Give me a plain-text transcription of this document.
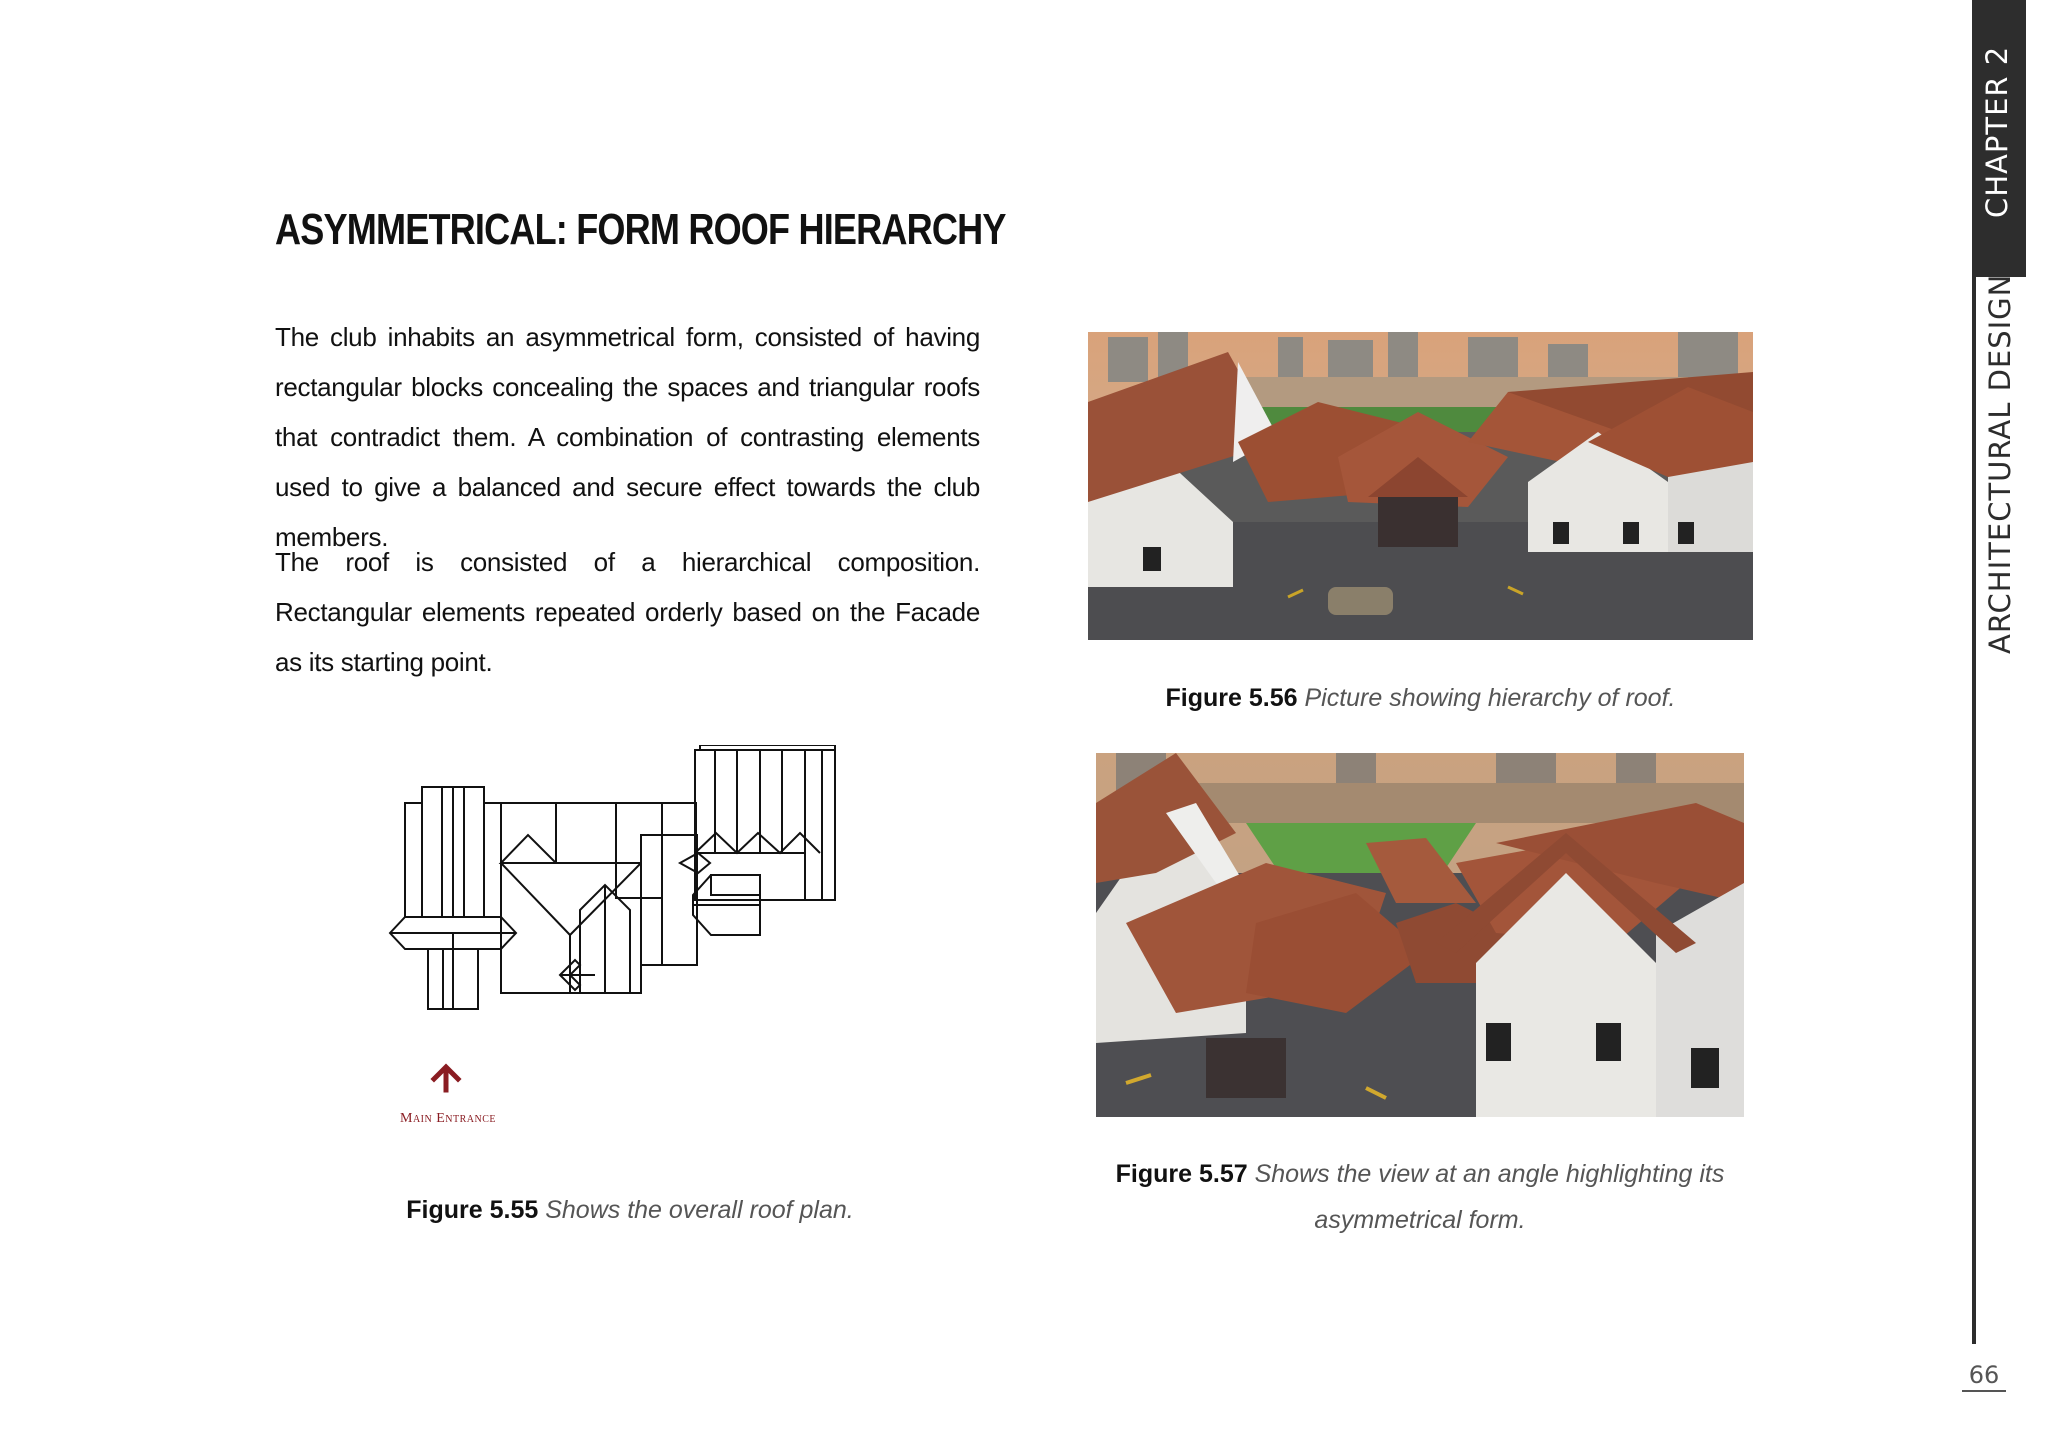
ASYMMETRICAL: FORM ROOF HIERARCHY

The club inhabits an asymmetrical form, consisted of having rectangular blocks concealing the spaces and triangular roofs that contradict them. A combination of contrasting elements used to give a balanced and secure effect towards the club members.

The roof is consisted of a hierarchical composition. Rectangular elements repeated orderly based on the Facade as its starting point.

Main Entrance
Figure 5.55 Shows the overall roof plan.
Figure 5.56 Picture showing hierarchy of roof.
Figure 5.57 Shows the view at an angle highlighting its asymmetrical form.
CHAPTER 2
ARCHITECTURAL DESIGN
66
